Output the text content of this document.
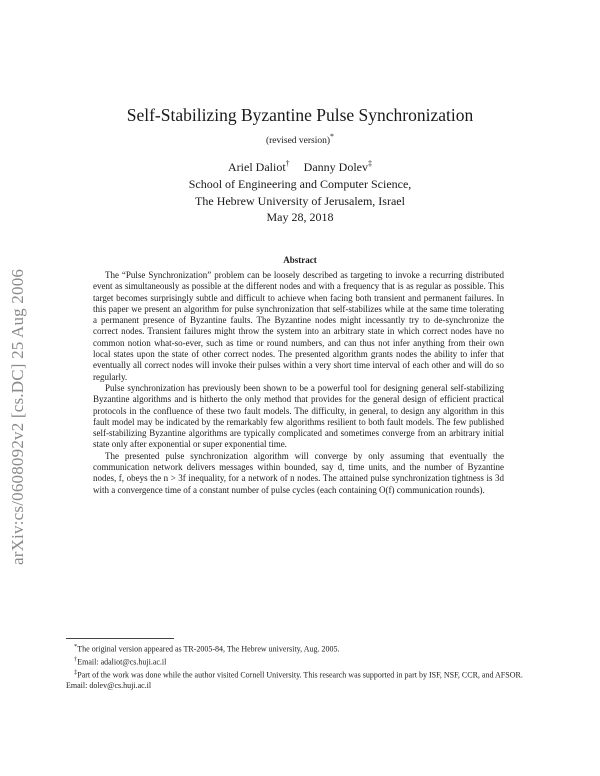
arXiv:cs/0608092v2 [cs.DC] 25 Aug 2006
Self-Stabilizing Byzantine Pulse Synchronization
(revised version)*
Ariel Daliot† Danny Dolev‡
School of Engineering and Computer Science,
The Hebrew University of Jerusalem, Israel
May 28, 2018
Abstract

The “Pulse Synchronization” problem can be loosely described as targeting to invoke a recurring distributed event as simultaneously as possible at the different nodes and with a frequency that is as regular as possible. This target becomes surprisingly subtle and difficult to achieve when facing both transient and permanent failures. In this paper we present an algorithm for pulse synchronization that self-stabilizes while at the same time tolerating a permanent presence of Byzantine faults. The Byzantine nodes might incessantly try to de-synchronize the correct nodes. Transient failures might throw the system into an arbitrary state in which correct nodes have no common notion what-so-ever, such as time or round numbers, and can thus not infer anything from their own local states upon the state of other correct nodes. The presented algorithm grants nodes the ability to infer that eventually all correct nodes will invoke their pulses within a very short time interval of each other and will do so regularly.

Pulse synchronization has previously been shown to be a powerful tool for designing general self-stabilizing Byzantine algorithms and is hitherto the only method that provides for the general design of efficient practical protocols in the confluence of these two fault models. The difficulty, in general, to design any algorithm in this fault model may be indicated by the remarkably few algorithms resilient to both fault models. The few published self-stabilizing Byzantine algorithms are typically complicated and sometimes converge from an arbitrary initial state only after exponential or super exponential time.

The presented pulse synchronization algorithm will converge by only assuming that eventually the communication network delivers messages within bounded, say d, time units, and the number of Byzantine nodes, f, obeys the n > 3f inequality, for a network of n nodes. The attained pulse synchronization tightness is 3d with a convergence time of a constant number of pulse cycles (each containing O(f) communication rounds).

*The original version appeared as TR-2005-84, The Hebrew university, Aug. 2005.
†Email: adaliot@cs.huji.ac.il
‡Part of the work was done while the author visited Cornell University. This research was supported in part by ISF, NSF, CCR, and AFSOR. Email: dolev@cs.huji.ac.il
